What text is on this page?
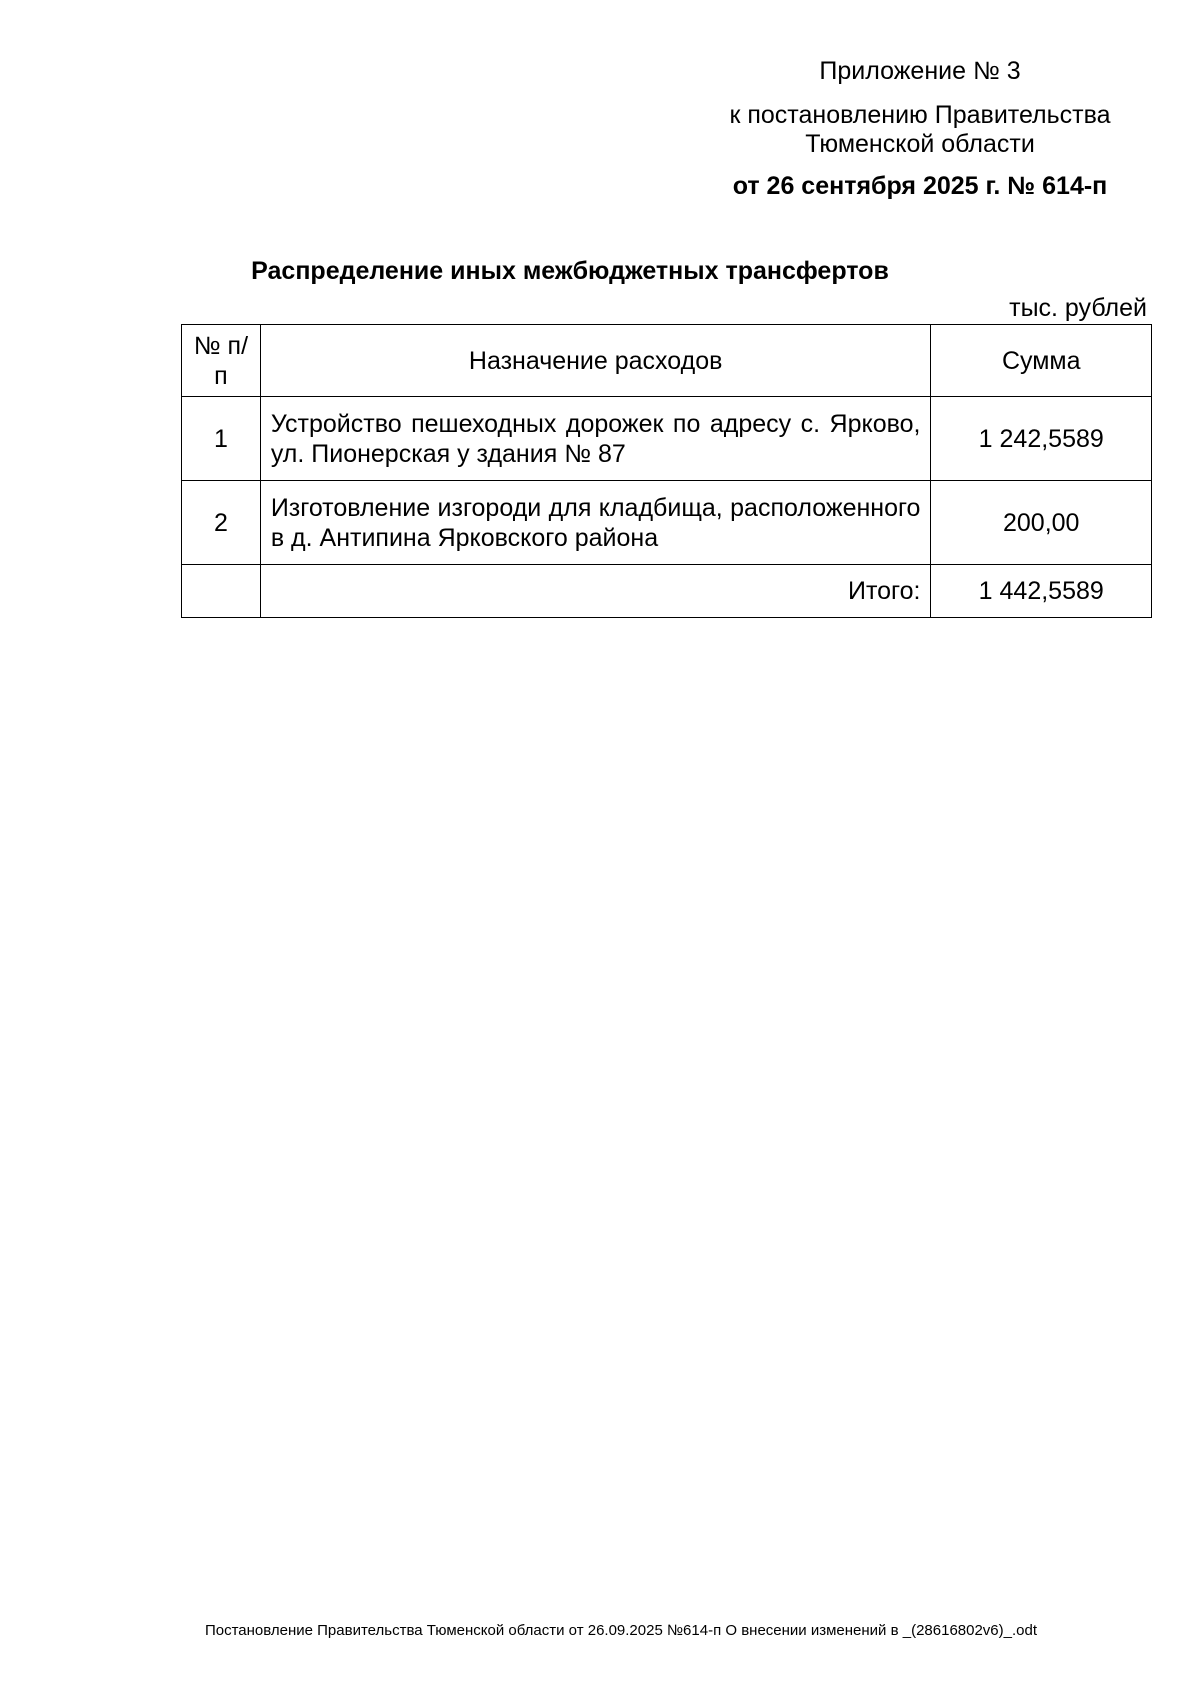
Приложение № 3
к постановлению Правительства
Тюменской области
от 26 сентября 2025 г. № 614-п
Распределение иных межбюджетных трансфертов
тыс. рублей
№ п/п	Назначение расходов	Сумма
1	Устройство пешеходных дорожек по адресу с. Ярково, ул. Пионерская у здания № 87	1 242,5589
2	Изготовление изгороди для кладбища, расположенного в д. Антипина Ярковского района	200,00
	Итого:	1 442,5589
Постановление Правительства Тюменской области от 26.09.2025 №614-п О внесении изменений в _(28616802v6)_.odt
